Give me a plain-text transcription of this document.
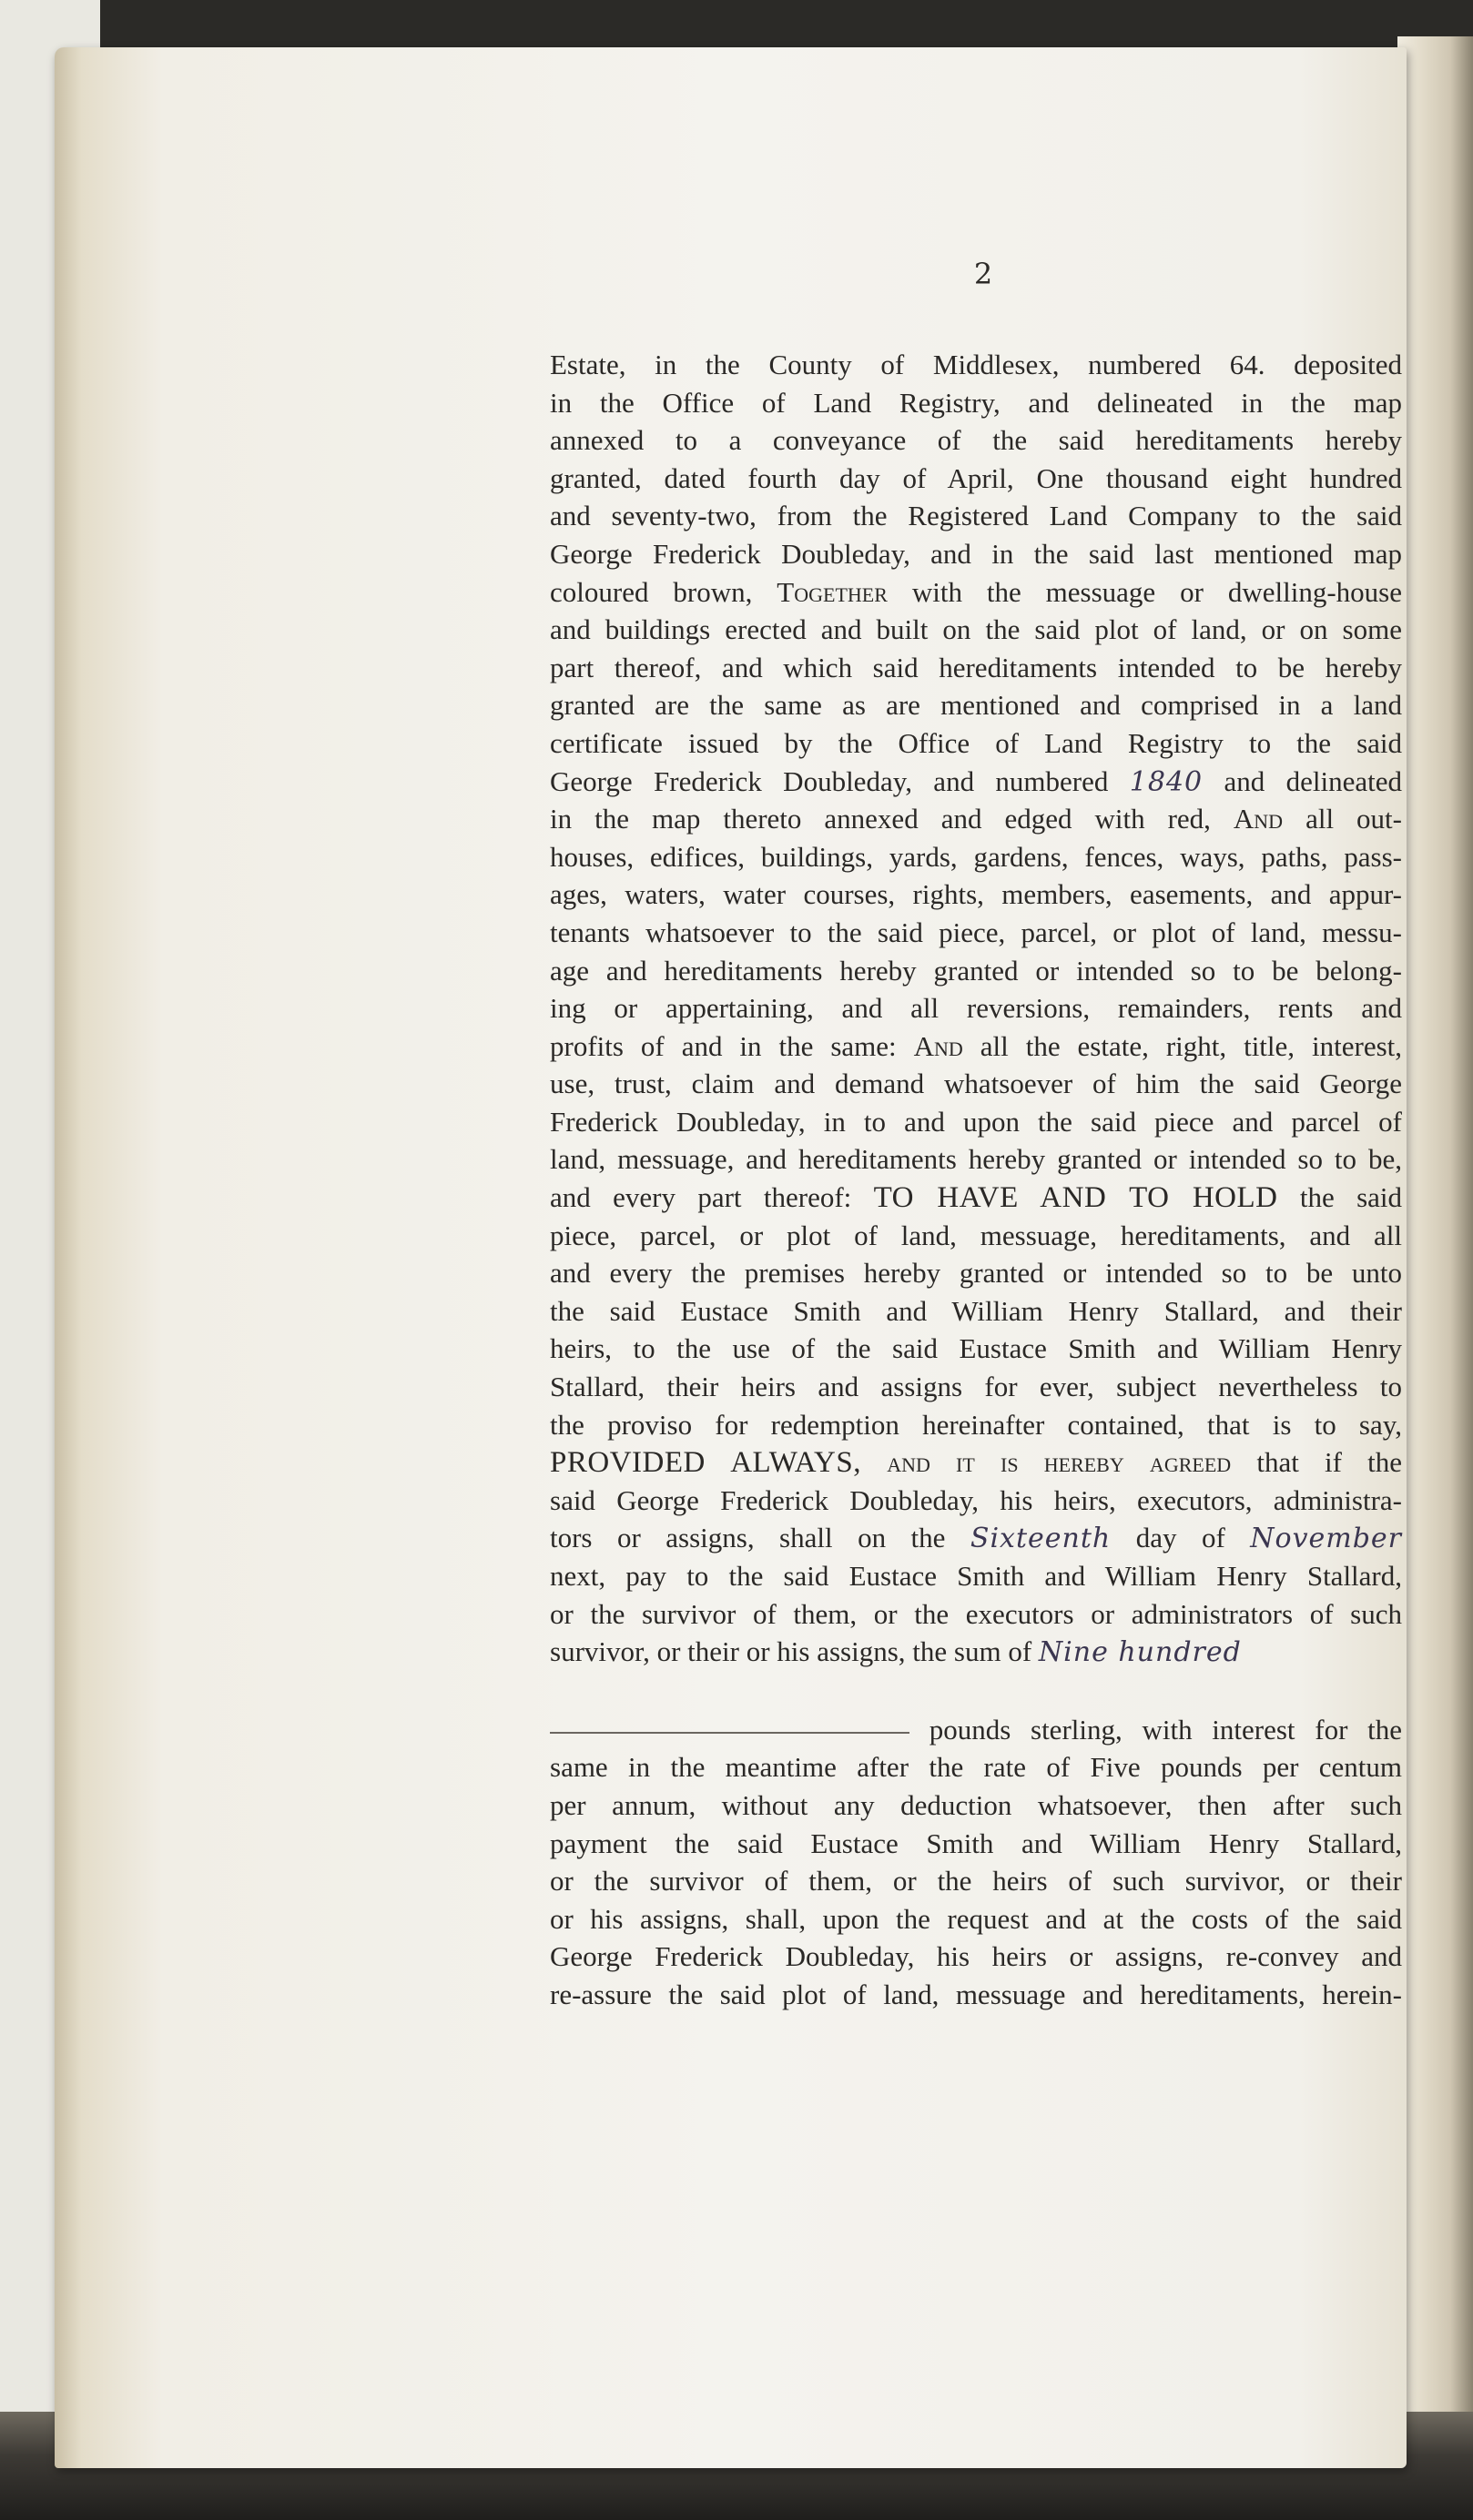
2
Estate, in the County of Middlesex, numbered 64. deposited
in the Office of Land Registry, and delineated in the map
annexed to a conveyance of the said hereditaments hereby
granted, dated fourth day of April, One thousand eight hundred
and seventy-two, from the Registered Land Company to the said
George Frederick Doubleday, and in the said last mentioned map
coloured brown, Together with the messuage or dwelling-house
and buildings erected and built on the said plot of land, or on some
part thereof, and which said hereditaments intended to be hereby
granted are the same as are mentioned and comprised in a land
certificate issued by the Office of Land Registry to the said
George Frederick Doubleday, and numbered 1840 and delineated
in the map thereto annexed and edged with red, And all out-
houses, edifices, buildings, yards, gardens, fences, ways, paths, pass-
ages, waters, water courses, rights, members, easements, and appur-
tenants whatsoever to the said piece, parcel, or plot of land, messu-
age and hereditaments hereby granted or intended so to be belong-
ing or appertaining, and all reversions, remainders, rents and
profits of and in the same: And all the estate, right, title, interest,
use, trust, claim and demand whatsoever of him the said George
Frederick Doubleday, in to and upon the said piece and parcel of
land, messuage, and hereditaments hereby granted or intended so to be,
and every part thereof: TO HAVE AND TO HOLD the said
piece, parcel, or plot of land, messuage, hereditaments, and all
and every the premises hereby granted or intended so to be unto
the said Eustace Smith and William Henry Stallard, and their
heirs, to the use of the said Eustace Smith and William Henry
Stallard, their heirs and assigns for ever, subject nevertheless to
the proviso for redemption hereinafter contained, that is to say,
PROVIDED ALWAYS, and it is hereby agreed that if the
said George Frederick Doubleday, his heirs, executors, administra-
tors or assigns, shall on the Sixteenth day of November
next, pay to the said Eustace Smith and William Henry Stallard,
or the survivor of them, or the executors or administrators of such
survivor, or their or his assigns, the sum of Nine hundred
pounds sterling, with interest for the
same in the meantime after the rate of Five pounds per centum
per annum, without any deduction whatsoever, then after such
payment the said Eustace Smith and William Henry Stallard,
or the survivor of them, or the heirs of such survivor, or their
or his assigns, shall, upon the request and at the costs of the said
George Frederick Doubleday, his heirs or assigns, re-convey and
re-assure the said plot of land, messuage and hereditaments, herein-
